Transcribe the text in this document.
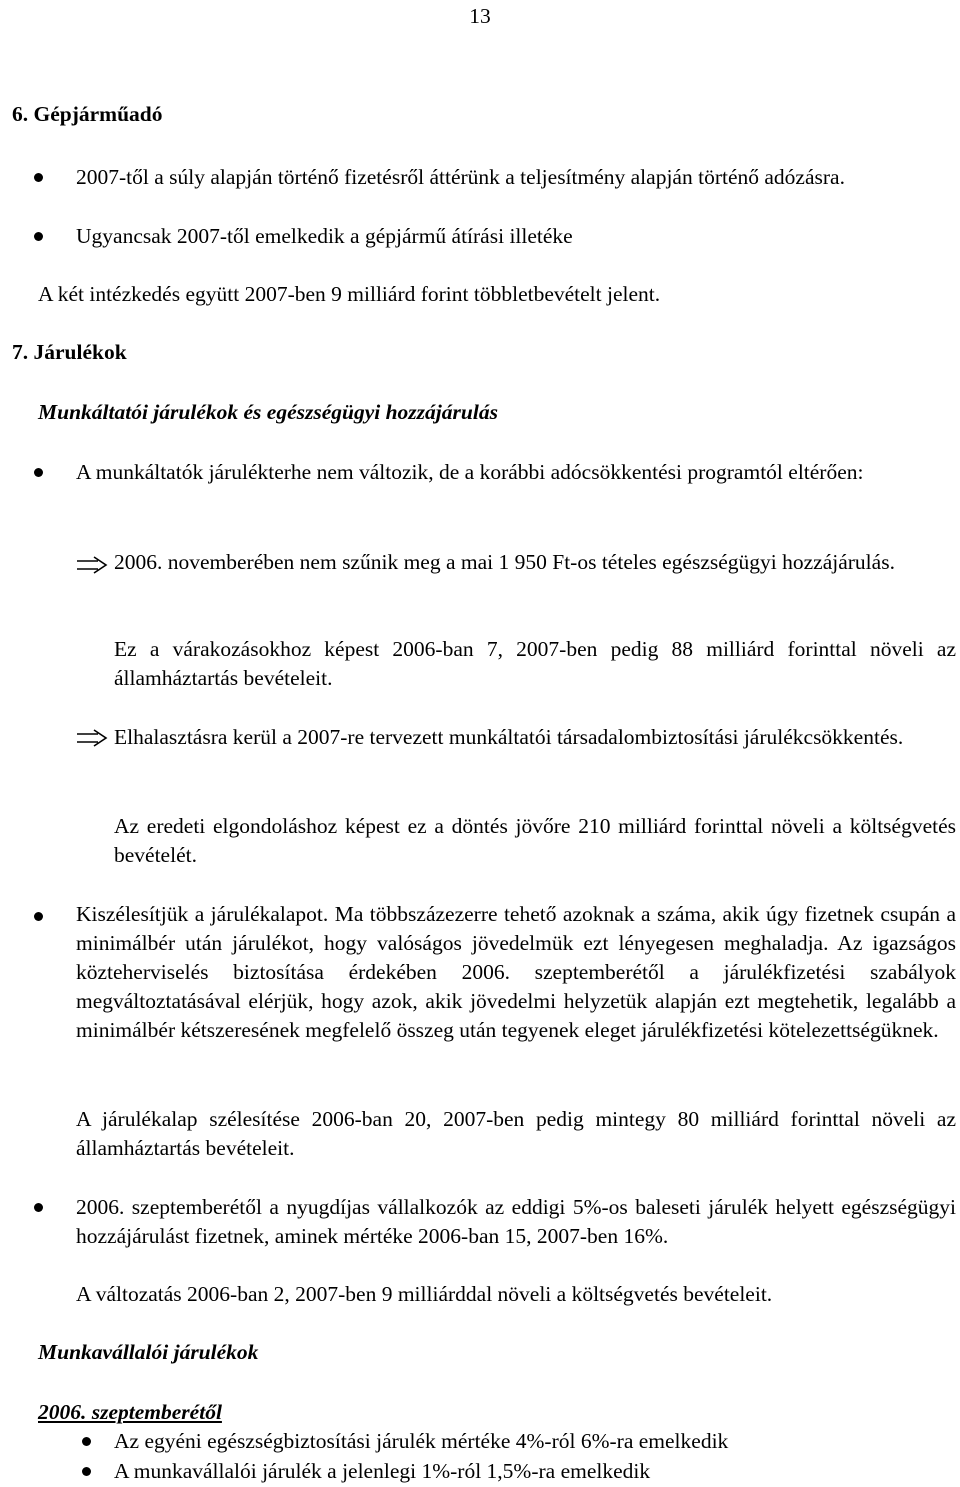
13
6. Gépjárműadó
2007-től a súly alapján történő fizetésről áttérünk a teljesítmény alapján történő adózásra.
Ugyancsak 2007-től emelkedik a gépjármű átírási illetéke
A két intézkedés együtt 2007-ben 9 milliárd forint többletbevételt jelent.
7. Járulékok
Munkáltatói járulékok és egészségügyi hozzájárulás
A munkáltatók járulékterhe nem változik, de a korábbi adócsökkentési programtól eltérően:
2006. novemberében nem szűnik meg a mai 1 950 Ft-os tételes egészségügyi hozzájárulás.
Ez a várakozásokhoz képest 2006-ban 7, 2007-ben pedig 88 milliárd forinttal növeli az államháztartás bevételeit.
Elhalasztásra kerül a 2007-re tervezett munkáltatói társadalombiztosítási járulékcsökkentés.
Az eredeti elgondoláshoz képest ez a döntés jövőre 210 milliárd forinttal növeli a költségvetés bevételét.
Kiszélesítjük a járulékalapot. Ma többszázezerre tehető azoknak a száma, akik úgy fizetnek csupán a minimálbér után járulékot, hogy valóságos jövedelmük ezt lényegesen meghaladja. Az igazságos közteherviselés biztosítása érdekében 2006. szeptemberétől a járulékfizetési szabályok megváltoztatásával elérjük, hogy azok, akik jövedelmi helyzetük alapján ezt megtehetik, legalább a minimálbér kétszeresének megfelelő összeg után tegyenek eleget járulékfizetési kötelezettségüknek.
A járulékalap szélesítése 2006-ban 20, 2007-ben pedig mintegy 80 milliárd forinttal növeli az államháztartás bevételeit.
2006. szeptemberétől a nyugdíjas vállalkozók az eddigi 5%-os baleseti járulék helyett egészségügyi hozzájárulást fizetnek, aminek mértéke 2006-ban 15, 2007-ben 16%.
A változatás 2006-ban 2, 2007-ben 9 milliárddal növeli a költségvetés bevételeit.
Munkavállalói járulékok
2006. szeptemberétől
Az egyéni egészségbiztosítási járulék mértéke 4%-ról 6%-ra emelkedik
A munkavállalói járulék a jelenlegi 1%-ról 1,5%-ra emelkedik
